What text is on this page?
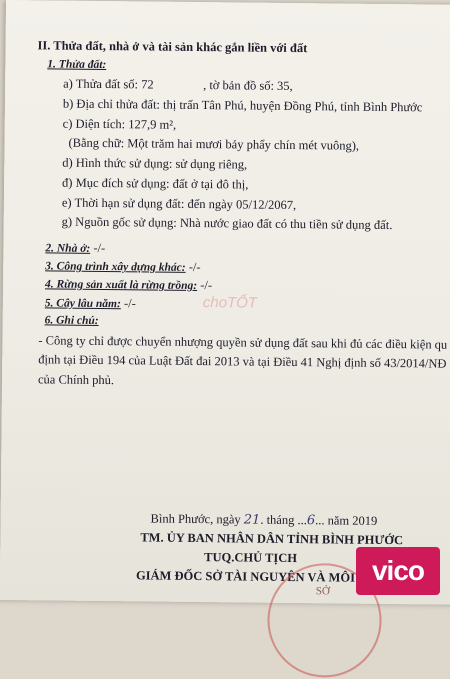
II. Thửa đất, nhà ở và tài sản khác gắn liền với đất
1. Thửa đất:
a) Thửa đất số: 72	, tờ bản đồ số: 35,
b) Địa chỉ thửa đất: thị trấn Tân Phú, huyện Đồng Phú, tỉnh Bình Phước
c) Diện tích: 127,9 m²,
(Bằng chữ: Một trăm hai mươi bảy phẩy chín mét vuông),
d) Hình thức sử dụng: sử dụng riêng,
đ) Mục đích sử dụng: đất ở tại đô thị,
e) Thời hạn sử dụng đất: đến ngày 05/12/2067,
g) Nguồn gốc sử dụng: Nhà nước giao đất có thu tiền sử dụng đất.
2. Nhà ở: -/-
3. Công trình xây dựng khác: -/-
4. Rừng sản xuất là rừng trồng: -/-
5. Cây lâu năm: -/-
6. Ghi chú:
- Công ty chỉ được chuyển nhượng quyền sử dụng đất sau khi đủ các điều kiện qu
định tại Điều 194 của Luật Đất đai 2013 và tại Điều 41 Nghị định số 43/2014/NĐ
của Chính phủ.
choTỐT
Bình Phước, ngày 21. tháng ...6... năm 2019
TM. ỦY BAN NHÂN DÂN TỈNH BÌNH PHƯỚC
TUQ.CHỦ TỊCH
GIÁM ĐỐC SỞ TÀI NGUYÊN VÀ MÔI
SỞ
vico
